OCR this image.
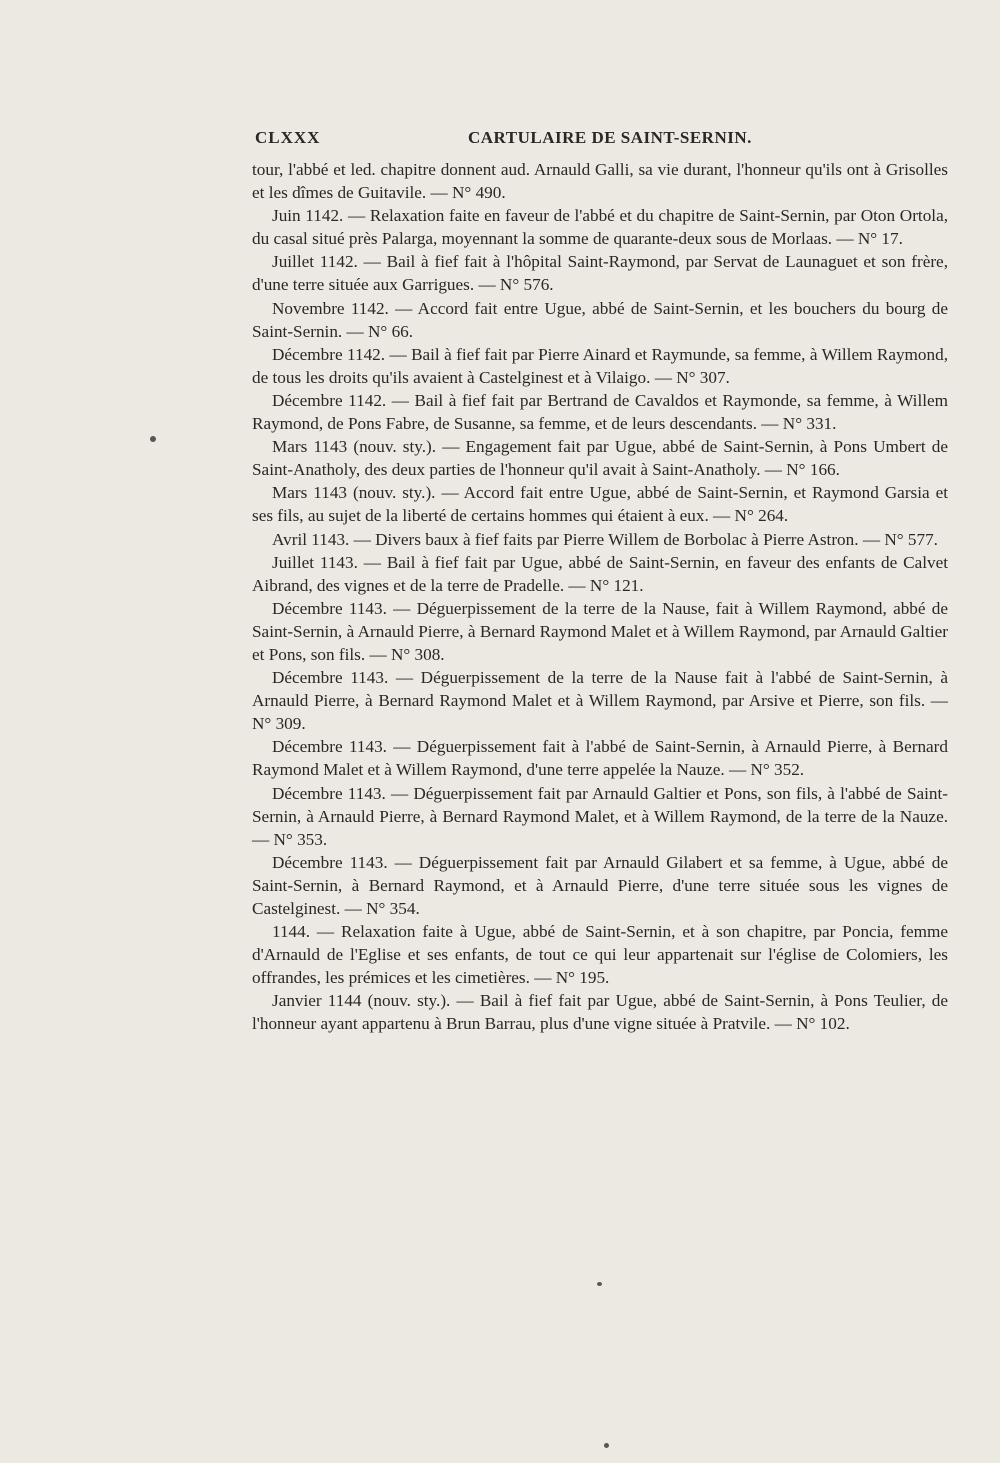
CLXXX	CARTULAIRE DE SAINT-SERNIN.

tour, l'abbé et led. chapitre donnent aud. Arnauld Galli, sa vie durant, l'honneur qu'ils ont à Grisolles et les dîmes de Guitavile. — N° 490.

Juin 1142. — Relaxation faite en faveur de l'abbé et du chapitre de Saint-Sernin, par Oton Ortola, du casal situé près Palarga, moyennant la somme de quarante-deux sous de Morlaas. — N° 17.

Juillet 1142. — Bail à fief fait à l'hôpital Saint-Raymond, par Servat de Launaguet et son frère, d'une terre située aux Garrigues. — N° 576.

Novembre 1142. — Accord fait entre Ugue, abbé de Saint-Sernin, et les bouchers du bourg de Saint-Sernin. — N° 66.

Décembre 1142. — Bail à fief fait par Pierre Ainard et Raymunde, sa femme, à Willem Raymond, de tous les droits qu'ils avaient à Castelginest et à Vilaigo. — N° 307.

Décembre 1142. — Bail à fief fait par Bertrand de Cavaldos et Raymonde, sa femme, à Willem Raymond, de Pons Fabre, de Susanne, sa femme, et de leurs descendants. — N° 331.

Mars 1143 (nouv. sty.). — Engagement fait par Ugue, abbé de Saint-Sernin, à Pons Umbert de Saint-Anatholy, des deux parties de l'honneur qu'il avait à Saint-Anatholy. — N° 166.

Mars 1143 (nouv. sty.). — Accord fait entre Ugue, abbé de Saint-Sernin, et Raymond Garsia et ses fils, au sujet de la liberté de certains hommes qui étaient à eux. — N° 264.

Avril 1143. — Divers baux à fief faits par Pierre Willem de Borbolac à Pierre Astron. — N° 577.

Juillet 1143. — Bail à fief fait par Ugue, abbé de Saint-Sernin, en faveur des enfants de Calvet Aibrand, des vignes et de la terre de Pradelle. — N° 121.

Décembre 1143. — Déguerpissement de la terre de la Nause, fait à Willem Raymond, abbé de Saint-Sernin, à Arnauld Pierre, à Bernard Raymond Malet et à Willem Raymond, par Arnauld Galtier et Pons, son fils. — N° 308.

Décembre 1143. — Déguerpissement de la terre de la Nause fait à l'abbé de Saint-Sernin, à Arnauld Pierre, à Bernard Raymond Malet et à Willem Raymond, par Arsive et Pierre, son fils. — N° 309.

Décembre 1143. — Déguerpissement fait à l'abbé de Saint-Sernin, à Arnauld Pierre, à Bernard Raymond Malet et à Willem Raymond, d'une terre appelée la Nauze. — N° 352.

Décembre 1143. — Déguerpissement fait par Arnauld Galtier et Pons, son fils, à l'abbé de Saint-Sernin, à Arnauld Pierre, à Bernard Raymond Malet, et à Willem Raymond, de la terre de la Nauze. — N° 353.

Décembre 1143. — Déguerpissement fait par Arnauld Gilabert et sa femme, à Ugue, abbé de Saint-Sernin, à Bernard Raymond, et à Arnauld Pierre, d'une terre située sous les vignes de Castelginest. — N° 354.

1144. — Relaxation faite à Ugue, abbé de Saint-Sernin, et à son chapitre, par Poncia, femme d'Arnauld de l'Eglise et ses enfants, de tout ce qui leur appartenait sur l'église de Colomiers, les offrandes, les prémices et les cimetières. — N° 195.

Janvier 1144 (nouv. sty.). — Bail à fief fait par Ugue, abbé de Saint-Sernin, à Pons Teulier, de l'honneur ayant appartenu à Brun Barrau, plus d'une vigne située à Pratvile. — N° 102.
